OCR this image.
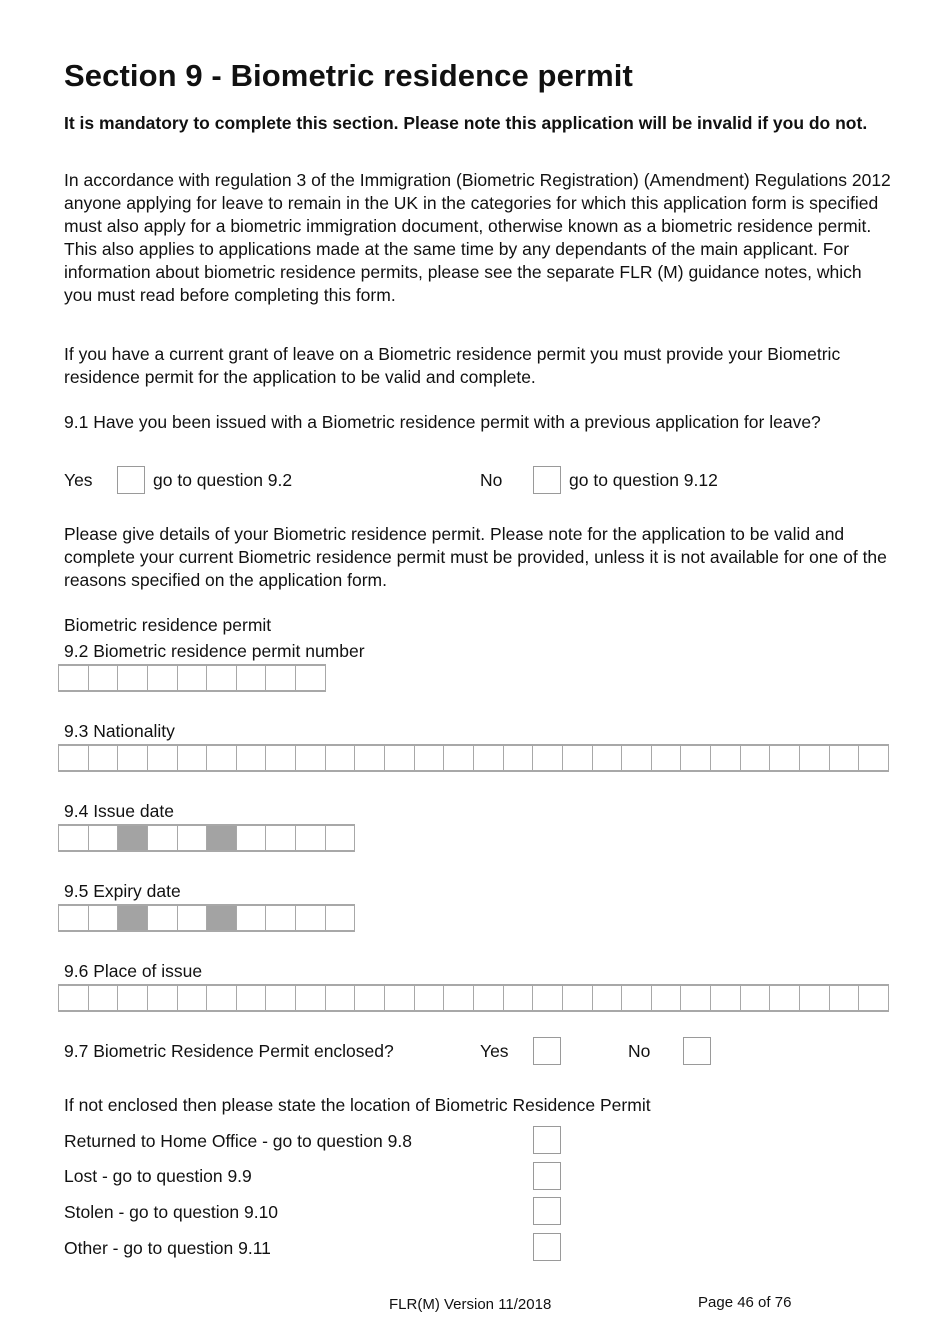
Section 9 - Biometric residence permit
It is mandatory to complete this section. Please note this application will be invalid if you do not.
In accordance with regulation 3 of the Immigration (Biometric Registration) (Amendment) Regulations 2012 anyone applying for leave to remain in the UK in the categories for which this application form is specified must also apply for a biometric immigration document, otherwise known as a biometric residence permit. This also applies to applications made at the same time by any dependants of the main applicant. For information about biometric residence permits, please see the separate FLR (M) guidance notes, which you must read before completing this form.
If you have a current grant of leave on a Biometric residence permit you must provide your Biometric residence permit for the application to be valid and complete.
9.1 Have you been issued with a Biometric residence permit with a previous application for leave?
Yes	go to question 9.2	No	go to question 9.12
Please give details of your Biometric residence permit. Please note for the application to be valid and complete your current Biometric residence permit must be provided, unless it is not available for one of the reasons specified on the application form.
Biometric residence permit
9.2 Biometric residence permit number
9.3 Nationality
9.4 Issue date
9.5 Expiry date
9.6 Place of issue
9.7 Biometric Residence Permit enclosed?	Yes	No
If not enclosed then please state the location of Biometric Residence Permit
Returned to Home Office - go to question 9.8
Lost - go to question 9.9
Stolen - go to question 9.10
Other - go to question 9.11
FLR(M) Version 11/2018	Page 46 of 76
